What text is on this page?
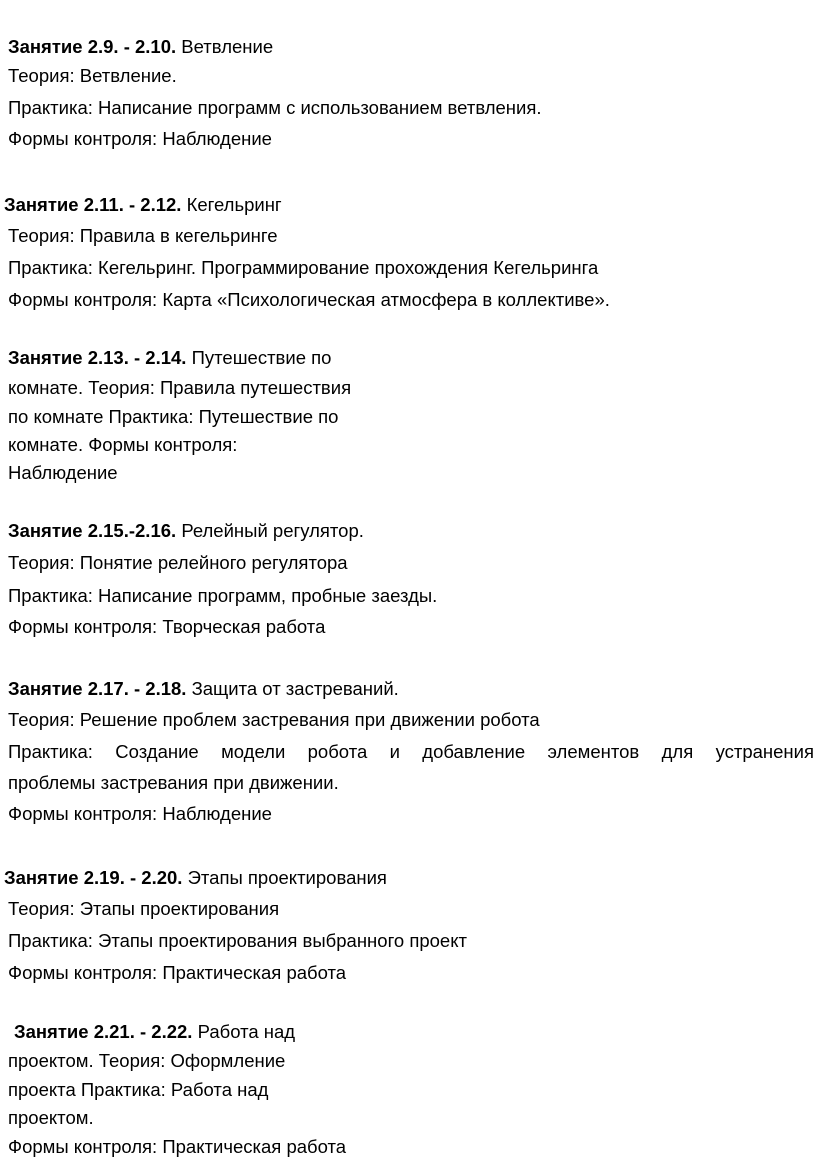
Занятие 2.9. - 2.10. Ветвление
Теория: Ветвление.
Практика: Написание программ с использованием ветвления.
Формы контроля: Наблюдение
Занятие 2.11. - 2.12. Кегельринг
Теория: Правила в кегельринге
Практика: Кегельринг. Программирование прохождения Кегельринга
Формы контроля: Карта «Психологическая атмосфера в коллективе».
Занятие 2.13. - 2.14. Путешествие по
комнате. Теория: Правила путешествия
по комнате Практика: Путешествие по
комнате. Формы контроля:
Наблюдение
Занятие 2.15.-2.16. Релейный регулятор.
Теория: Понятие релейного регулятора
Практика: Написание программ, пробные заезды.
Формы контроля: Творческая работа
Занятие 2.17. - 2.18. Защита от застреваний.
Теория: Решение проблем застревания при движении робота
Практика: Создание модели робота и добавление элементов для устранения
проблемы застревания при движении.
Формы контроля: Наблюдение
Занятие 2.19. - 2.20. Этапы проектирования
Теория: Этапы проектирования
Практика: Этапы проектирования выбранного проект
Формы контроля: Практическая работа
Занятие 2.21. - 2.22. Работа над
проектом. Теория: Оформление
проекта Практика: Работа над
проектом.
Формы контроля: Практическая работа
